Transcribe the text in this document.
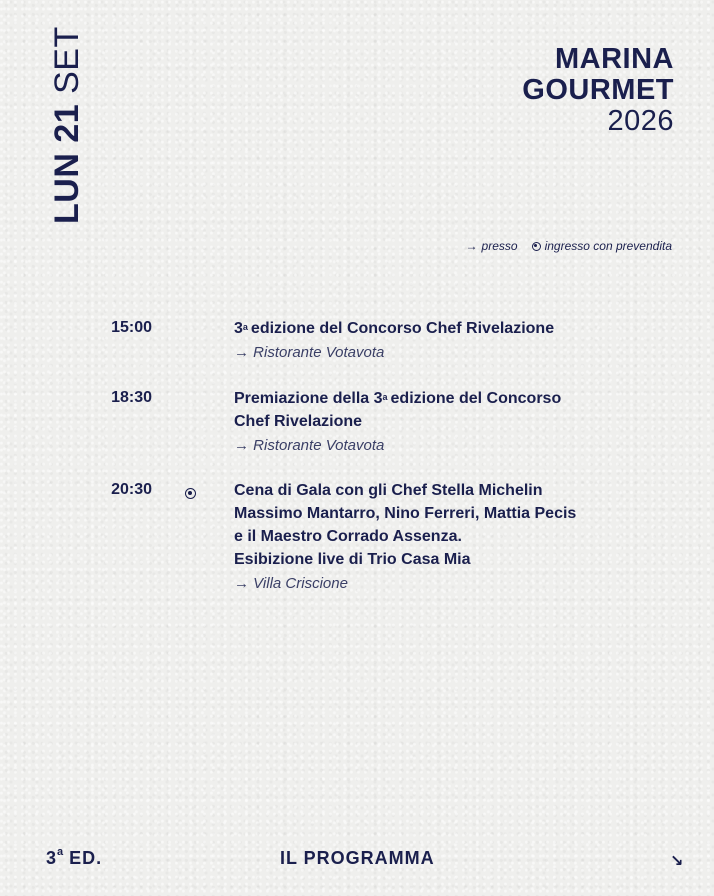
LUN 21 SET	MARINA
GOURMET
2026
→ presso ingresso con prevendita
15:00	3$^a$ edizione del Concorso Chef Rivelazione
→ Ristorante Votavota
18:30	Premiazione della 3$^a$ edizione del Concorso
Chef Rivelazione
→ Ristorante Votavota
20:30	Cena di Gala con gli Chef Stella Michelin
Massimo Mantarro, Nino Ferreri, Mattia Pecis
e il Maestro Corrado Assenza.
Esibizione live di Trio Casa Mia
→ Villa Criscione
3$^a$ ED.	IL PROGRAMMA	↘
